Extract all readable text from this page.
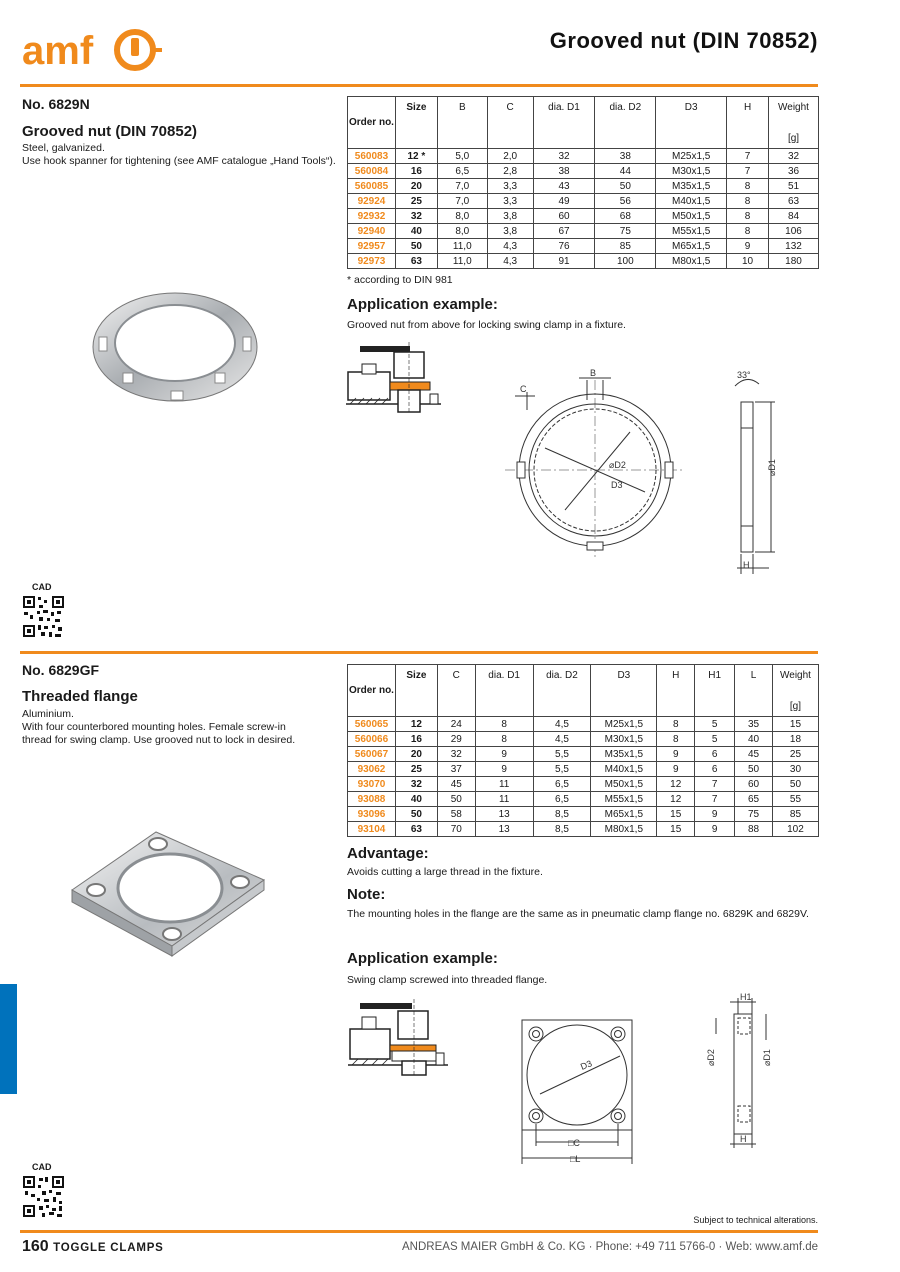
amf	Grooved nut (DIN 70852)
No. 6829N
Grooved nut (DIN 70852)
Steel, galvanized.
Use hook spanner for tightening (see AMF catalogue „Hand Tools“).
Order no.	Size	B	C	dia. D1	dia. D2	D3	H	Weight
[g]

560083	12 *	5,0	2,0	32	38	M25x1,5	7	32
560084	16	6,5	2,8	38	44	M30x1,5	7	36
560085	20	7,0	3,3	43	50	M35x1,5	8	51
92924	25	7,0	3,3	49	56	M40x1,5	8	63
92932	32	8,0	3,8	60	68	M50x1,5	8	84
92940	40	8,0	3,8	67	75	M55x1,5	8	106
92957	50	11,0	4,3	76	85	M65x1,5	9	132
92973	63	11,0	4,3	91	100	M80x1,5	10	180
* according to DIN 981
Application example:
Grooved nut from above for locking swing clamp in a fixture.
C
B
⌀D2
D3
33°
⌀D1
H
CAD
No. 6829GF
Threaded flange
Aluminium.
With four counterbored mounting holes. Female screw-in
thread for swing clamp. Use grooved nut to lock in desired.
Order no.	Size	C	dia. D1	dia. D2	D3	H	H1	L	Weight
[g]

560065	12	24	8	4,5	M25x1,5	8	5	35	15
560066	16	29	8	4,5	M30x1,5	8	5	40	18
560067	20	32	9	5,5	M35x1,5	9	6	45	25
93062	25	37	9	5,5	M40x1,5	9	6	50	30
93070	32	45	11	6,5	M50x1,5	12	7	60	50
93088	40	50	11	6,5	M55x1,5	12	7	65	55
93096	50	58	13	8,5	M65x1,5	15	9	75	85
93104	63	70	13	8,5	M80x1,5	15	9	88	102
Advantage:
Avoids cutting a large thread in the fixture.
Note:
The mounting holes in the flange are the same as in pneumatic clamp flange no. 6829K and 6829V.
Application example:
Swing clamp screwed into threaded flange.
D3
□C
□L
H1
⌀D2	⌀D1
H
CAD
Subject to technical alterations.
160 TOGGLE CLAMPS	ANDREAS MAIER GmbH & Co. KG · Phone: +49 711 5766-0 · Web: www.amf.de
